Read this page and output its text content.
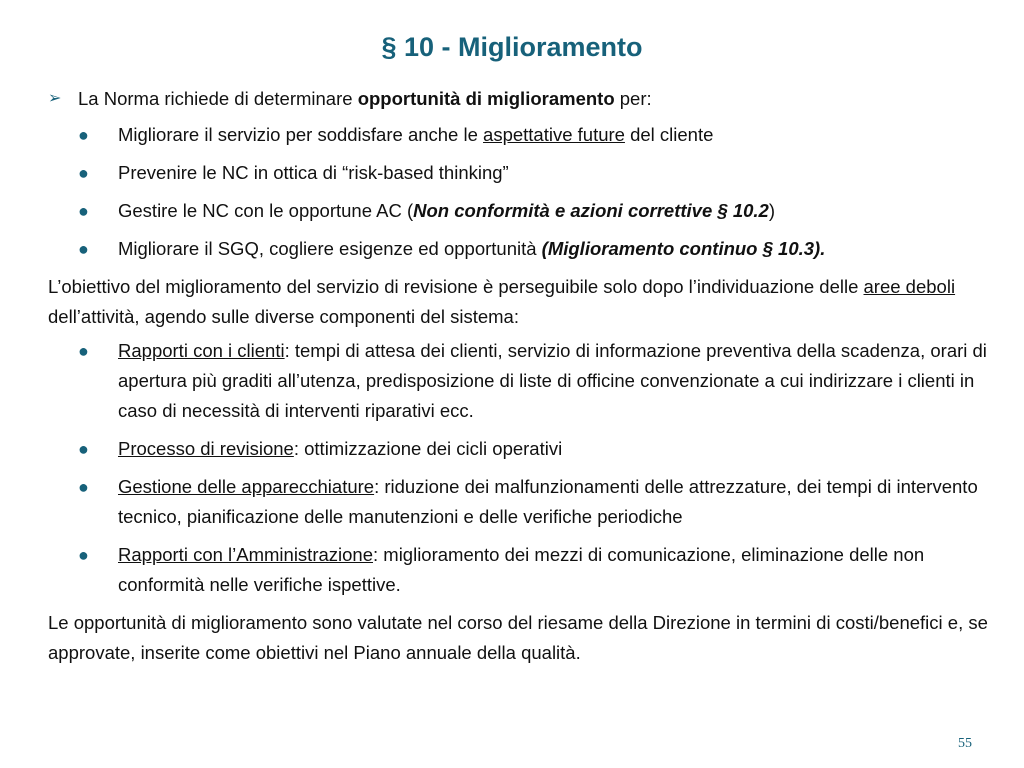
§ 10 - Miglioramento

➢ La Norma richiede di determinare opportunità di miglioramento per:

● Migliorare il servizio per soddisfare anche le aspettative future del cliente

● Prevenire le NC in ottica di “risk-based thinking”

● Gestire le NC con le opportune AC (Non conformità e azioni correttive § 10.2)

● Migliorare il SGQ, cogliere esigenze ed opportunità (Miglioramento continuo § 10.3).

L’obiettivo del miglioramento del servizio di revisione è perseguibile solo dopo l’individuazione delle aree deboli dell’attività, agendo sulle diverse componenti del sistema:

● Rapporti con i clienti: tempi di attesa dei clienti, servizio di informazione preventiva della scadenza, orari di apertura più graditi all’utenza, predisposizione di liste di officine convenzionate a cui indirizzare i clienti in caso di necessità di interventi riparativi ecc.

● Processo di revisione: ottimizzazione dei cicli operativi

● Gestione delle apparecchiature: riduzione dei malfunzionamenti delle attrezzature, dei tempi di intervento tecnico, pianificazione delle manutenzioni e delle verifiche periodiche

● Rapporti con l’Amministrazione: miglioramento dei mezzi di comunicazione, eliminazione delle non conformità nelle verifiche ispettive.

Le opportunità di miglioramento sono valutate nel corso del riesame della Direzione in termini di costi/benefici e, se approvate, inserite come obiettivi nel Piano annuale della qualità.

55
